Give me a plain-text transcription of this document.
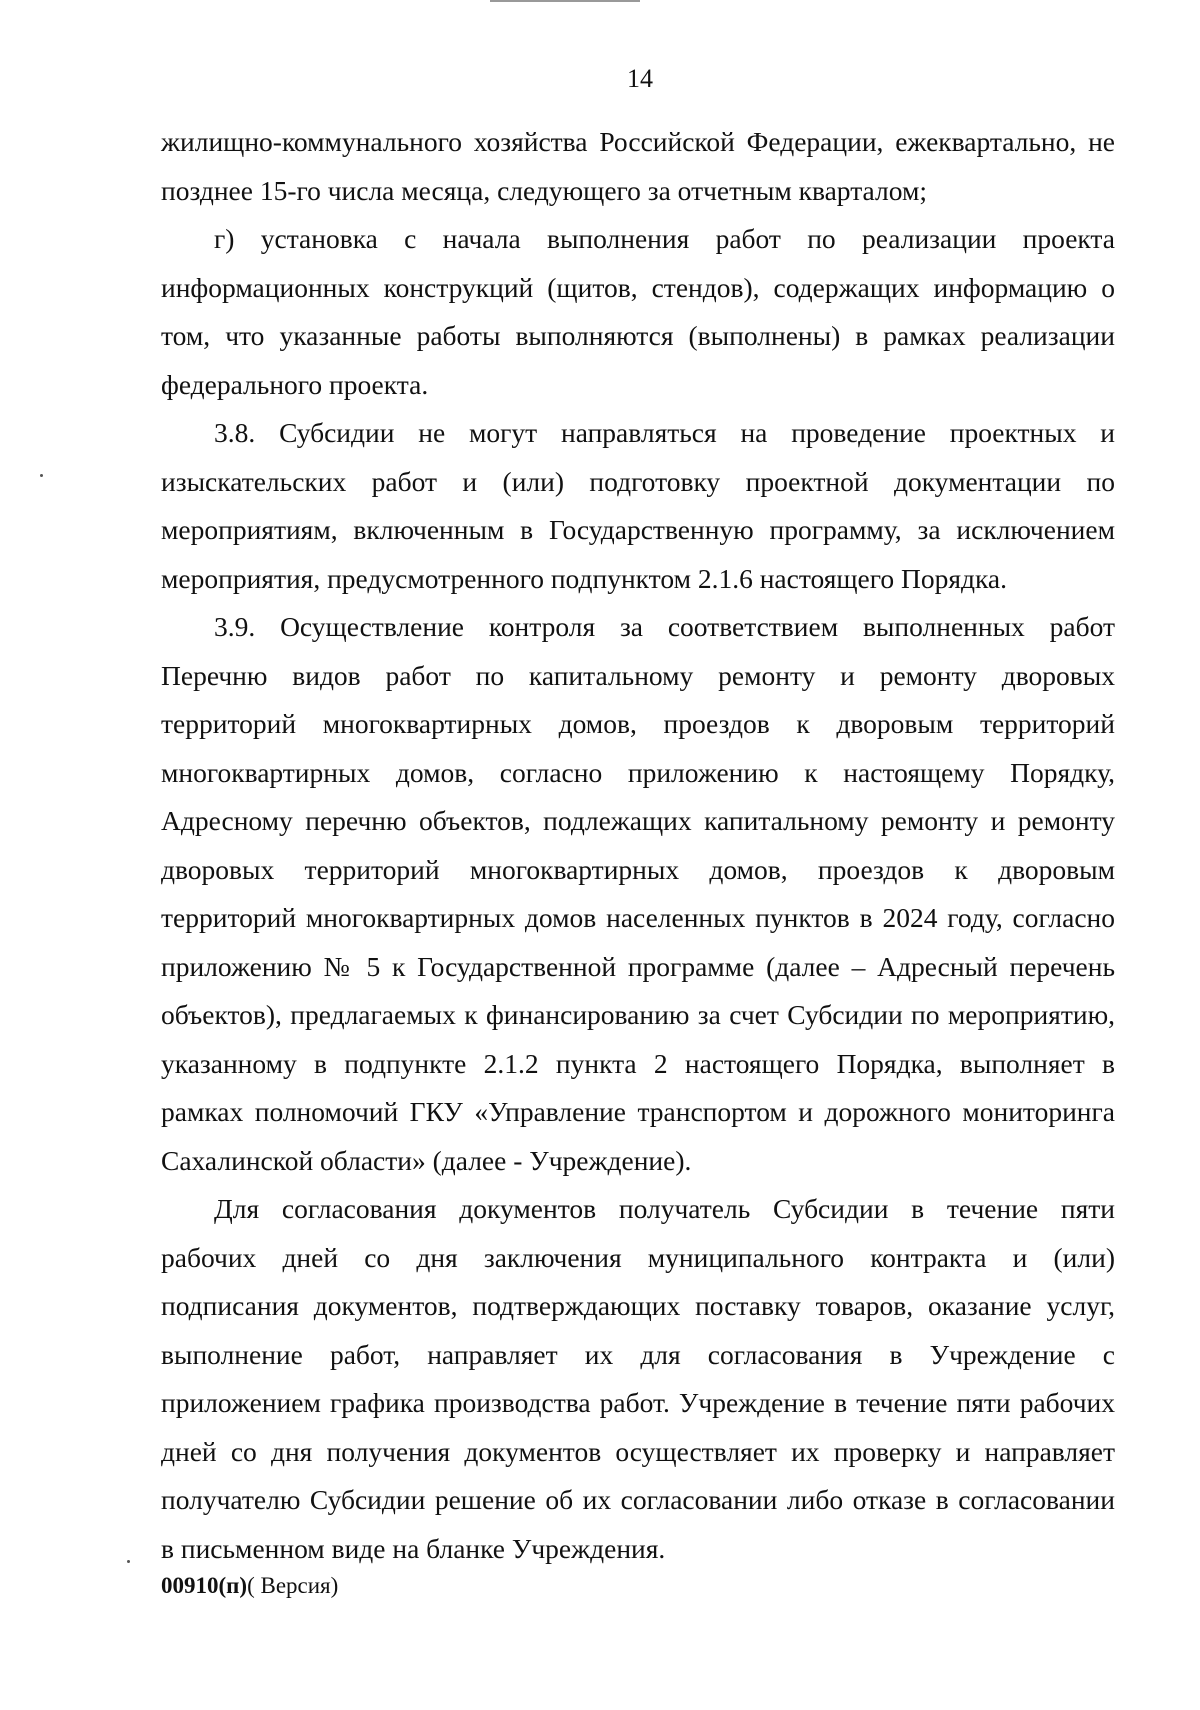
14

жилищно-коммунального хозяйства Российской Федерации, ежеквартально, не
позднее 15-го числа месяца, следующего за отчетным кварталом;

г) установка с начала выполнения работ по реализации проекта
информационных конструкций (щитов, стендов), содержащих информацию о
том, что указанные работы выполняются (выполнены) в рамках реализации
федерального проекта.

3.8. Субсидии не могут направляться на проведение проектных и
изыскательских работ и (или) подготовку проектной документации по
мероприятиям, включенным в Государственную программу, за исключением
мероприятия, предусмотренного подпунктом 2.1.6 настоящего Порядка.

3.9. Осуществление контроля за соответствием выполненных работ
Перечню видов работ по капитальному ремонту и ремонту дворовых
территорий многоквартирных домов, проездов к дворовым территорий
многоквартирных домов, согласно приложению к настоящему Порядку,
Адресному перечню объектов, подлежащих капитальному ремонту и ремонту
дворовых территорий многоквартирных домов, проездов к дворовым
территорий многоквартирных домов населенных пунктов в 2024 году, согласно
приложению № 5 к Государственной программе (далее – Адресный перечень
объектов), предлагаемых к финансированию за счет Субсидии по мероприятию,
указанному в подпункте 2.1.2 пункта 2 настоящего Порядка, выполняет в
рамках полномочий ГКУ «Управление транспортом и дорожного мониторинга
Сахалинской области» (далее - Учреждение).

Для согласования документов получатель Субсидии в течение пяти
рабочих дней со дня заключения муниципального контракта и (или)
подписания документов, подтверждающих поставку товаров, оказание услуг,
выполнение работ, направляет их для согласования в Учреждение с
приложением графика производства работ. Учреждение в течение пяти рабочих
дней со дня получения документов осуществляет их проверку и направляет
получателю Субсидии решение об их согласовании либо отказе в согласовании
в письменном виде на бланке Учреждения.

00910(п)( Версия)
